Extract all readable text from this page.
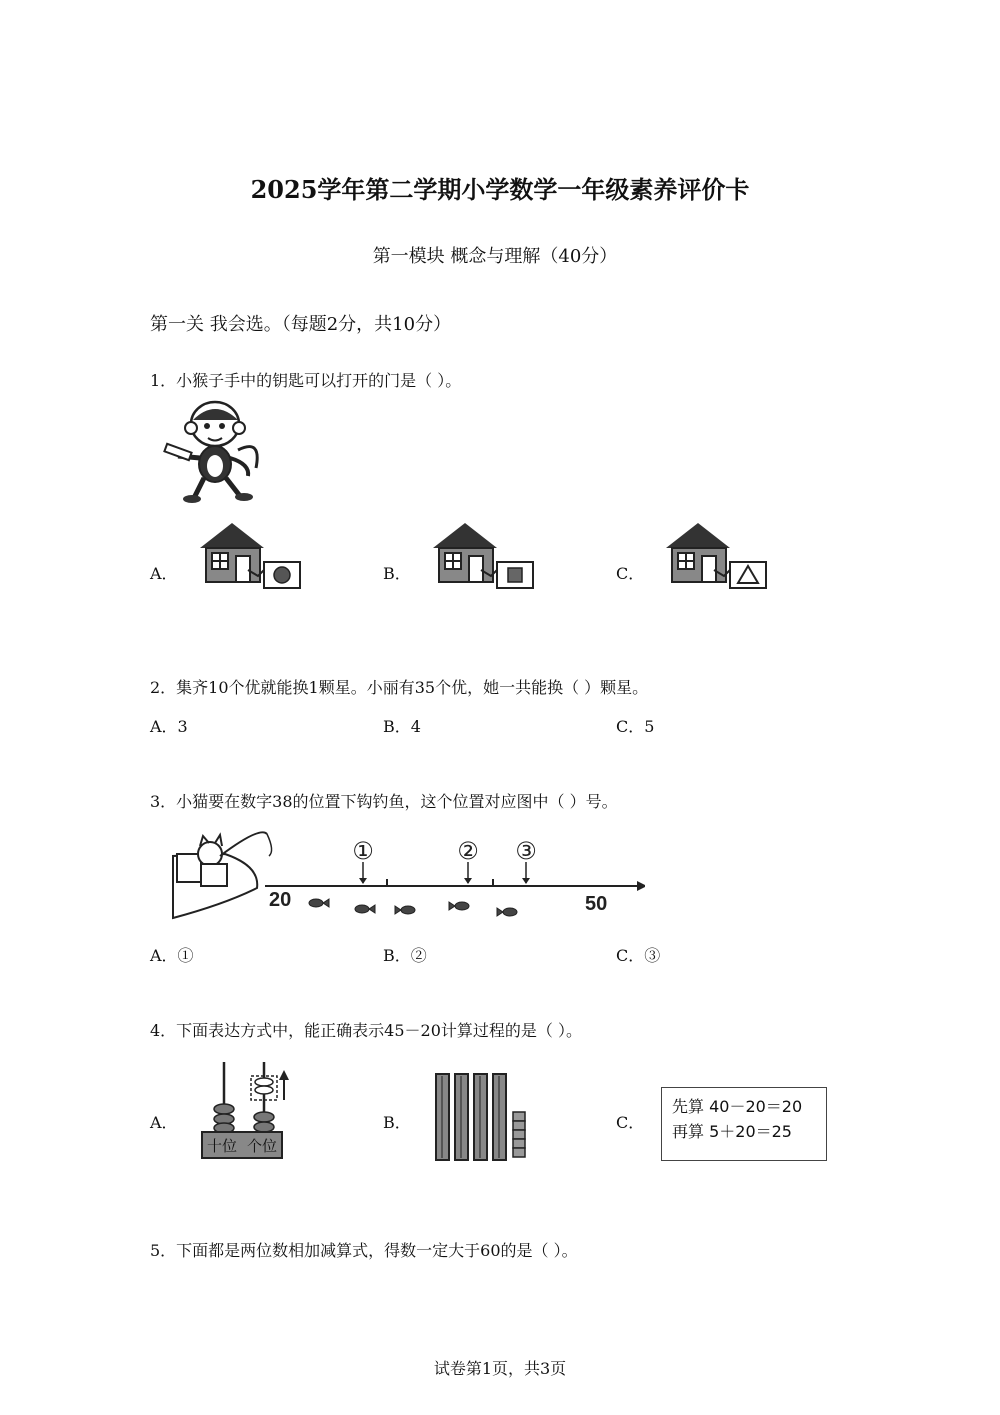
2025学年第二学期小学数学一年级素养评价卡
第一模块 概念与理解（40分）
第一关 我会选。（每题2分，共10分）
1．小猴子手中的钥匙可以打开的门是（ ）。
A．	B．	C．
2．集齐10个优就能换1颗星。小丽有35个优，她一共能换（ ）颗星。
A．3	B．4	C．5
3．小猫要在数字38的位置下钩钓鱼，这个位置对应图中（ ）号。
20	50
①	② ③
A．①	B．②	C．③
4．下面表达方式中，能正确表示45－20计算过程的是（ ）。
A．	B．	C．
十位 个位
先算 40－20＝20
再算 5＋20＝25
5．下面都是两位数相加减算式，得数一定大于60的是（ ）。
试卷第1页，共3页
